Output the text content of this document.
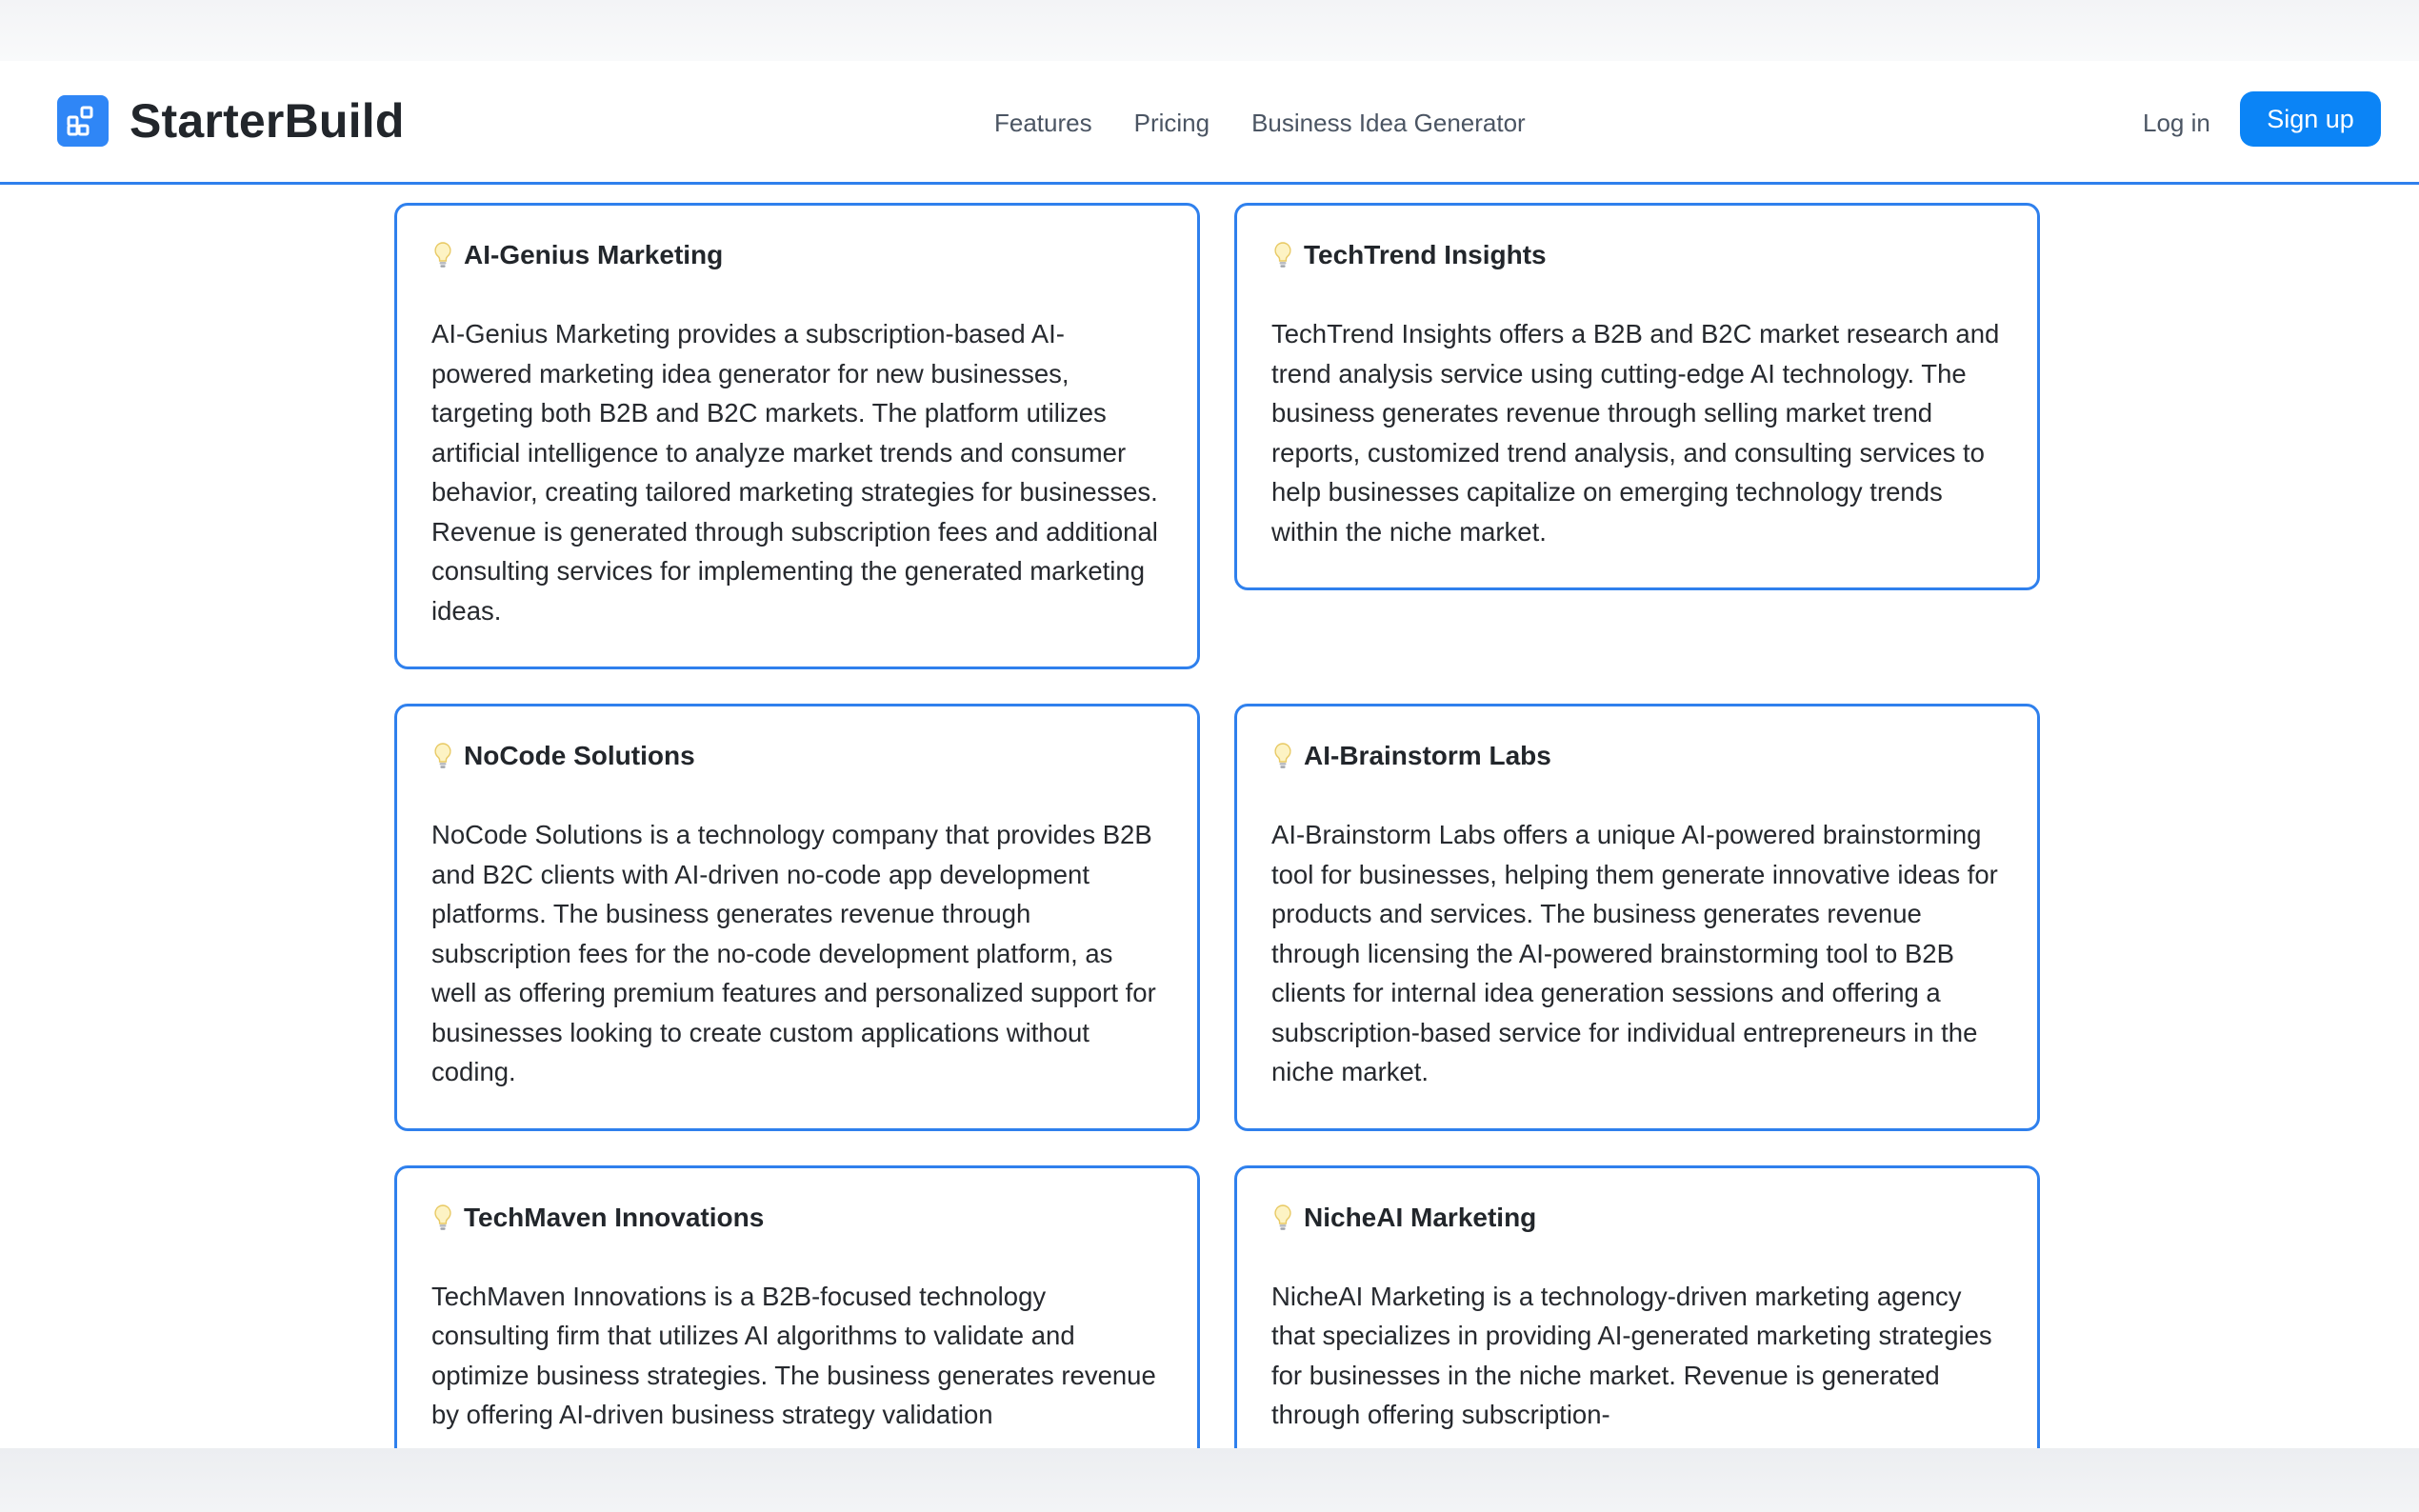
StarterBuild	Features Pricing Business Idea Generator	Log in	Sign up
AI-Genius Marketing

AI-Genius Marketing provides a subscription-based AI-powered marketing idea generator for new businesses, targeting both B2B and B2C markets. The platform utilizes artificial intelligence to analyze market trends and consumer behavior, creating tailored marketing strategies for businesses. Revenue is generated through subscription fees and additional consulting services for implementing the generated marketing ideas.

TechTrend Insights

TechTrend Insights offers a B2B and B2C market research and trend analysis service using cutting-edge AI technology. The business generates revenue through selling market trend reports, customized trend analysis, and consulting services to help businesses capitalize on emerging technology trends within the niche market.

NoCode Solutions

NoCode Solutions is a technology company that provides B2B and B2C clients with AI-driven no-code app development platforms. The business generates revenue through subscription fees for the no-code development platform, as well as offering premium features and personalized support for businesses looking to create custom applications without coding.

AI-Brainstorm Labs

AI-Brainstorm Labs offers a unique AI-powered brainstorming tool for businesses, helping them generate innovative ideas for products and services. The business generates revenue through licensing the AI-powered brainstorming tool to B2B clients for internal idea generation sessions and offering a subscription-based service for individual entrepreneurs in the niche market.

TechMaven Innovations

TechMaven Innovations is a B2B-focused technology consulting firm that utilizes AI algorithms to validate and optimize business strategies. The business generates revenue by offering AI-driven business strategy validation

NicheAI Marketing

NicheAI Marketing is a technology-driven marketing agency that specializes in providing AI-generated marketing strategies for businesses in the niche market. Revenue is generated through offering subscription-
